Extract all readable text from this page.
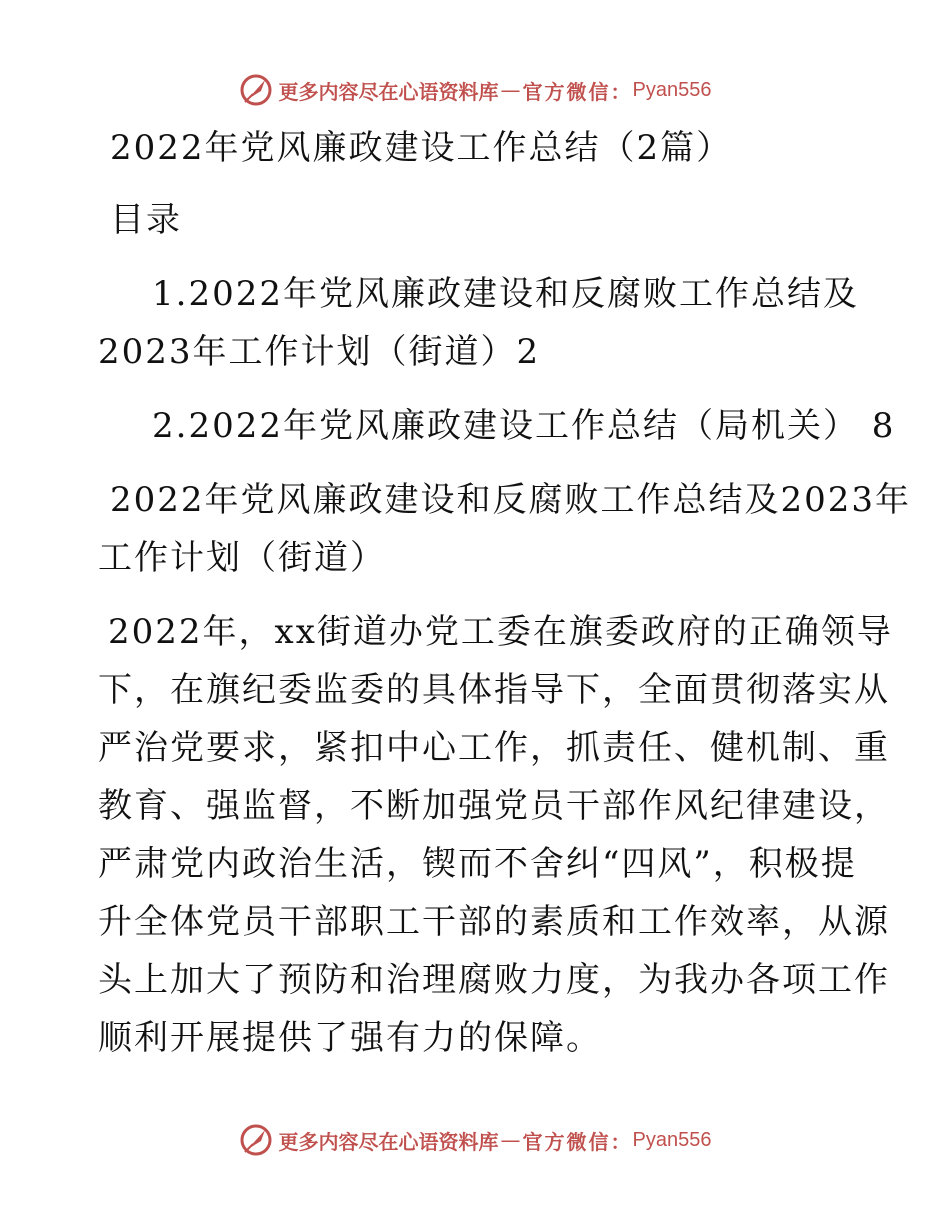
更多内容尽在心语资料库 — 官方微信： Pyan556
2022年党风廉政建设工作总结（2篇）
目录
1.2022年党风廉政建设和反腐败工作总结及
2023年工作计划（街道）2
2.2022年党风廉政建设工作总结（局机关） 8
2022年党风廉政建设和反腐败工作总结及2023年
工作计划（街道）
2022年，xx街道办党工委在旗委政府的正确领导
下，在旗纪委监委的具体指导下，全面贯彻落实从
严治党要求，紧扣中心工作，抓责任、健机制、重
教育、强监督，不断加强党员干部作风纪律建设，
严肃党内政治生活，锲而不舍纠“四风”，积极提
升全体党员干部职工干部的素质和工作效率，从源
头上加大了预防和治理腐败力度，为我办各项工作
顺利开展提供了强有力的保障。
更多内容尽在心语资料库 — 官方微信： Pyan556
